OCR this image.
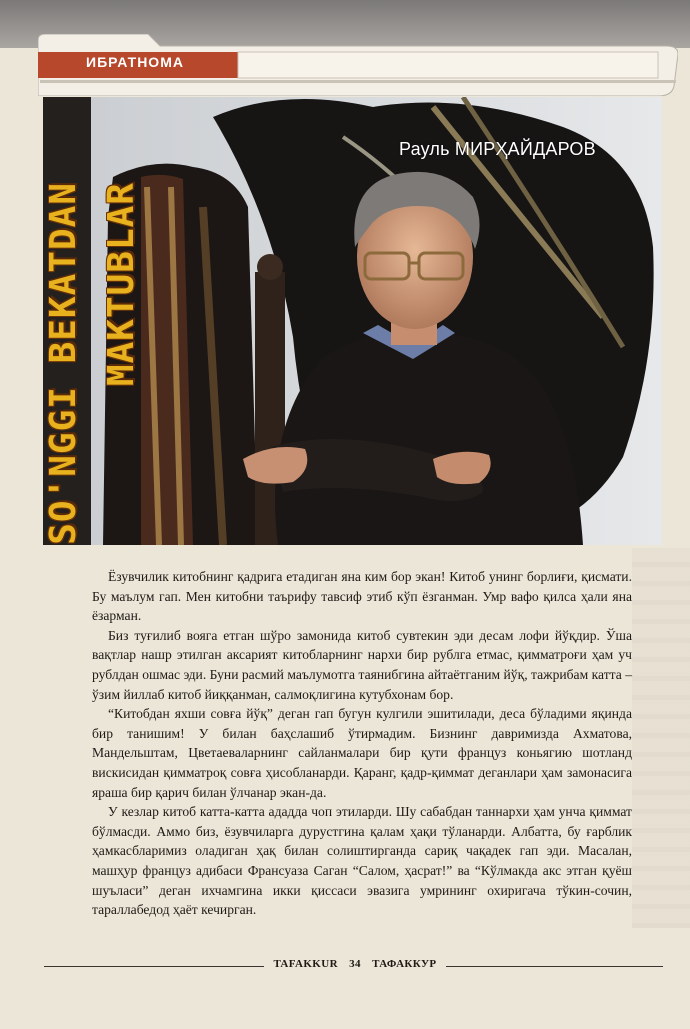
ИБРАТНОМА
Рауль МИРҲАЙДАРОВ
SO'NGGI BEKATDAN MAKTUBLAR

Ёзувчилик китобнинг қадрига етадиган яна ким бор экан! Китоб унинг борлиғи, қисмати. Бу маълум гап. Мен китобни таърифу тавсиф этиб кўп ёзганман. Умр вафо қилса ҳали яна ёзарман.

Биз туғилиб вояга етган шўро замонида китоб сувтекин эди десам лофи йўқдир. Ўша вақтлар нашр этилган аксарият китобларнинг нархи бир рублга етмас, қимматроғи ҳам уч рублдан ошмас эди. Буни расмий маълумотга таянибгина айтаётганим йўқ, тажрибам катта – ўзим йиллаб китоб йиққанман, салмоқлигина кутубхонам бор.

“Китобдан яхши совға йўқ” деган гап бугун кулгили эшитилади, деса бўладими яқинда бир танишим! У билан баҳслашиб ўтирмадим. Бизнинг давримизда Ахматова, Мандельштам, Цветаеваларнинг сайланмалари бир қути француз коньягию шотланд вискисидан қимматроқ совға ҳисобланарди. Қаранг, қадр-қиммат деганлари ҳам замонасига яраша бир қарич билан ўлчанар экан-да.

У кезлар китоб катта-катта ададда чоп этиларди. Шу сабабдан таннархи ҳам унча қиммат бўлмасди. Аммо биз, ёзувчиларга дурустгина қалам ҳақи тўланарди. Албатта, бу ғарблик ҳамкасбларимиз оладиган ҳақ билан солиштирганда сариқ чақадек гап эди. Масалан, машҳур француз адибаси Франсуаза Саган “Салом, ҳасрат!” ва “Кўлмакда акс этган қуёш шуъласи” деган ихчамгина икки қиссаси эвазига умрининг охиригача тўкин-сочин, тараллабедод ҳаёт кечирган.

TAFAKKUR 34 ТАФАККУР
